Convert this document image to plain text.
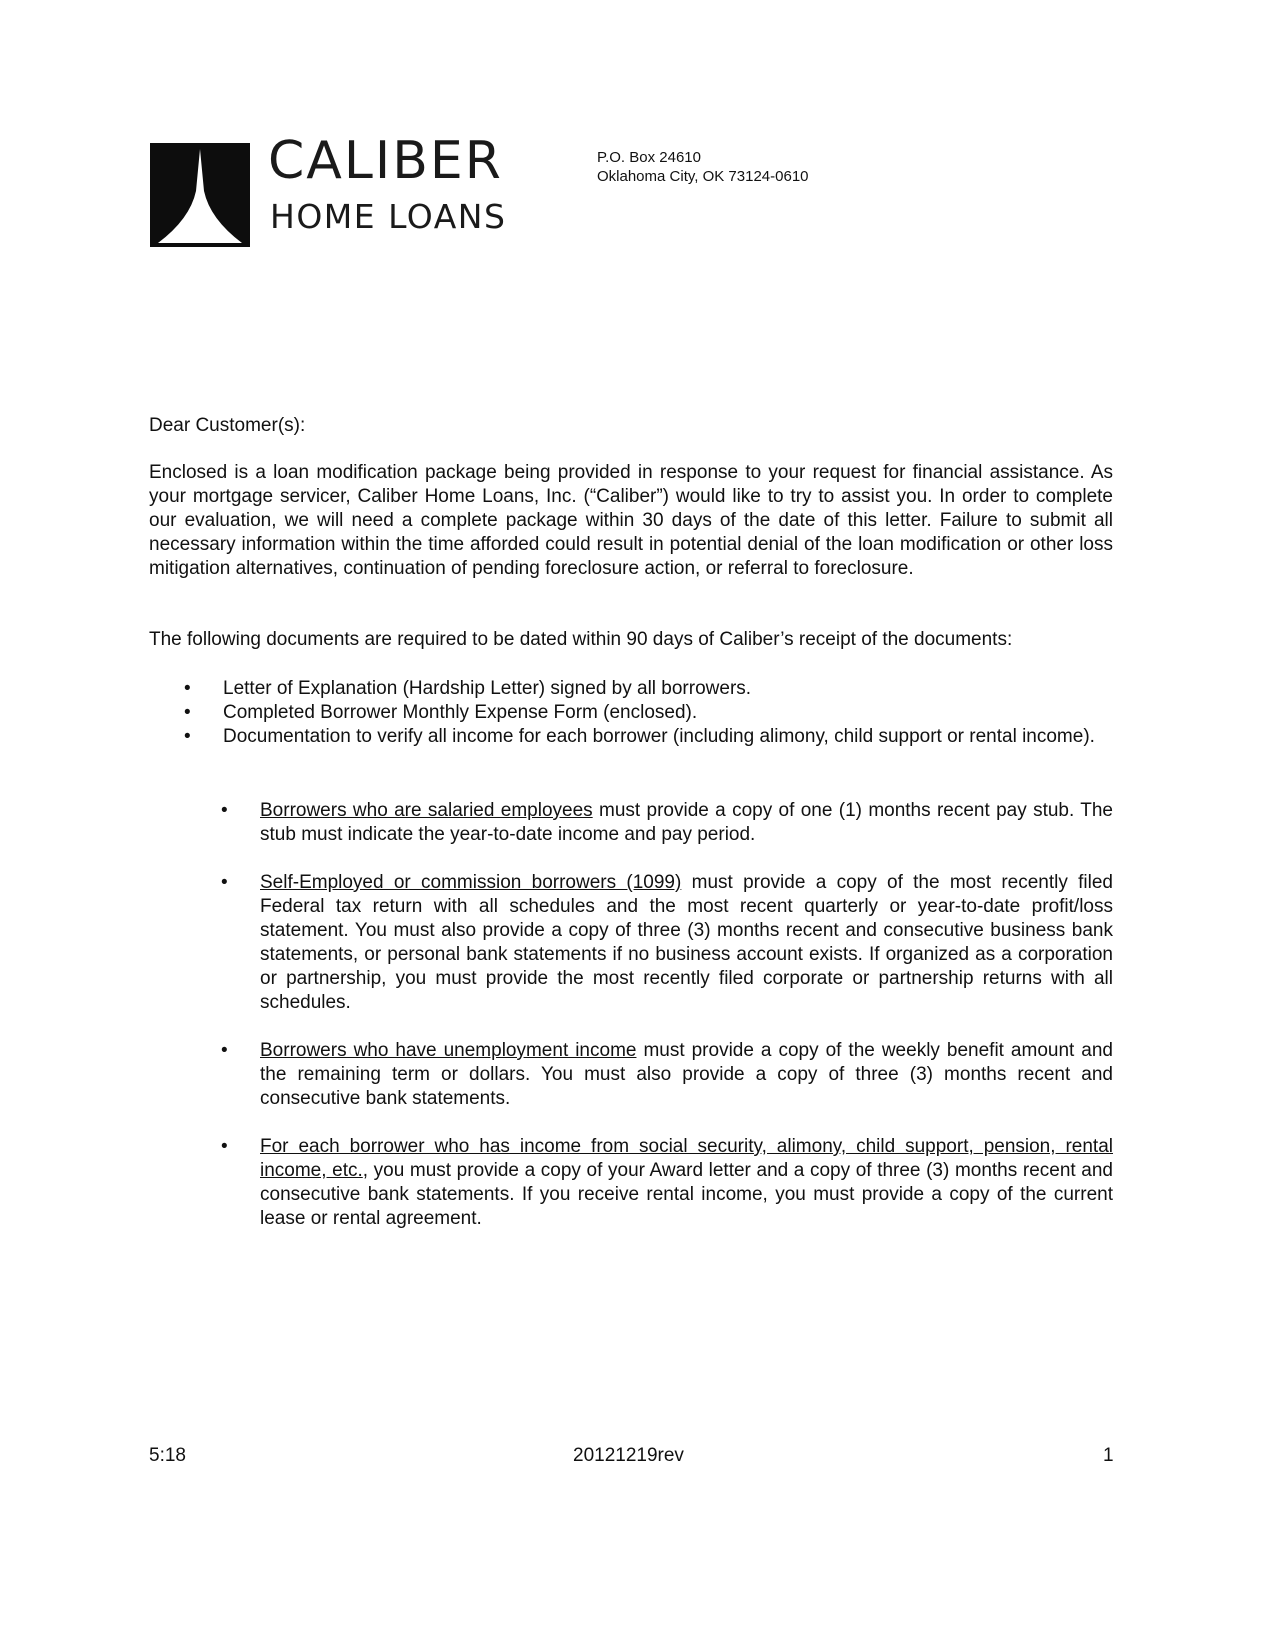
CALIBER
HOME LOANS
P.O. Box 24610
Oklahoma City, OK 73124-0610
Dear Customer(s):
Enclosed is a loan modification package being provided in response to your request for financial assistance. As your mortgage servicer, Caliber Home Loans, Inc. (“Caliber”) would like to try to assist you. In order to complete our evaluation, we will need a complete package within 30 days of the date of this letter. Failure to submit all necessary information within the time afforded could result in potential denial of the loan modification or other loss mitigation alternatives, continuation of pending foreclosure action, or referral to foreclosure.
The following documents are required to be dated within 90 days of Caliber’s receipt of the documents:
• Letter of Explanation (Hardship Letter) signed by all borrowers.
• Completed Borrower Monthly Expense Form (enclosed).
• Documentation to verify all income for each borrower (including alimony, child support or rental income).
• Borrowers who are salaried employees must provide a copy of one (1) months recent pay stub. The stub must indicate the year-to-date income and pay period.
• Self-Employed or commission borrowers (1099) must provide a copy of the most recently filed Federal tax return with all schedules and the most recent quarterly or year-to-date profit/loss statement. You must also provide a copy of three (3) months recent and consecutive business bank statements, or personal bank statements if no business account exists. If organized as a corporation or partnership, you must provide the most recently filed corporate or partnership returns with all schedules.
• Borrowers who have unemployment income must provide a copy of the weekly benefit amount and the remaining term or dollars. You must also provide a copy of three (3) months recent and consecutive bank statements.
• For each borrower who has income from social security, alimony, child support, pension, rental income, etc., you must provide a copy of your Award letter and a copy of three (3) months recent and consecutive bank statements. If you receive rental income, you must provide a copy of the current lease or rental agreement.
5:18	20121219rev	1
